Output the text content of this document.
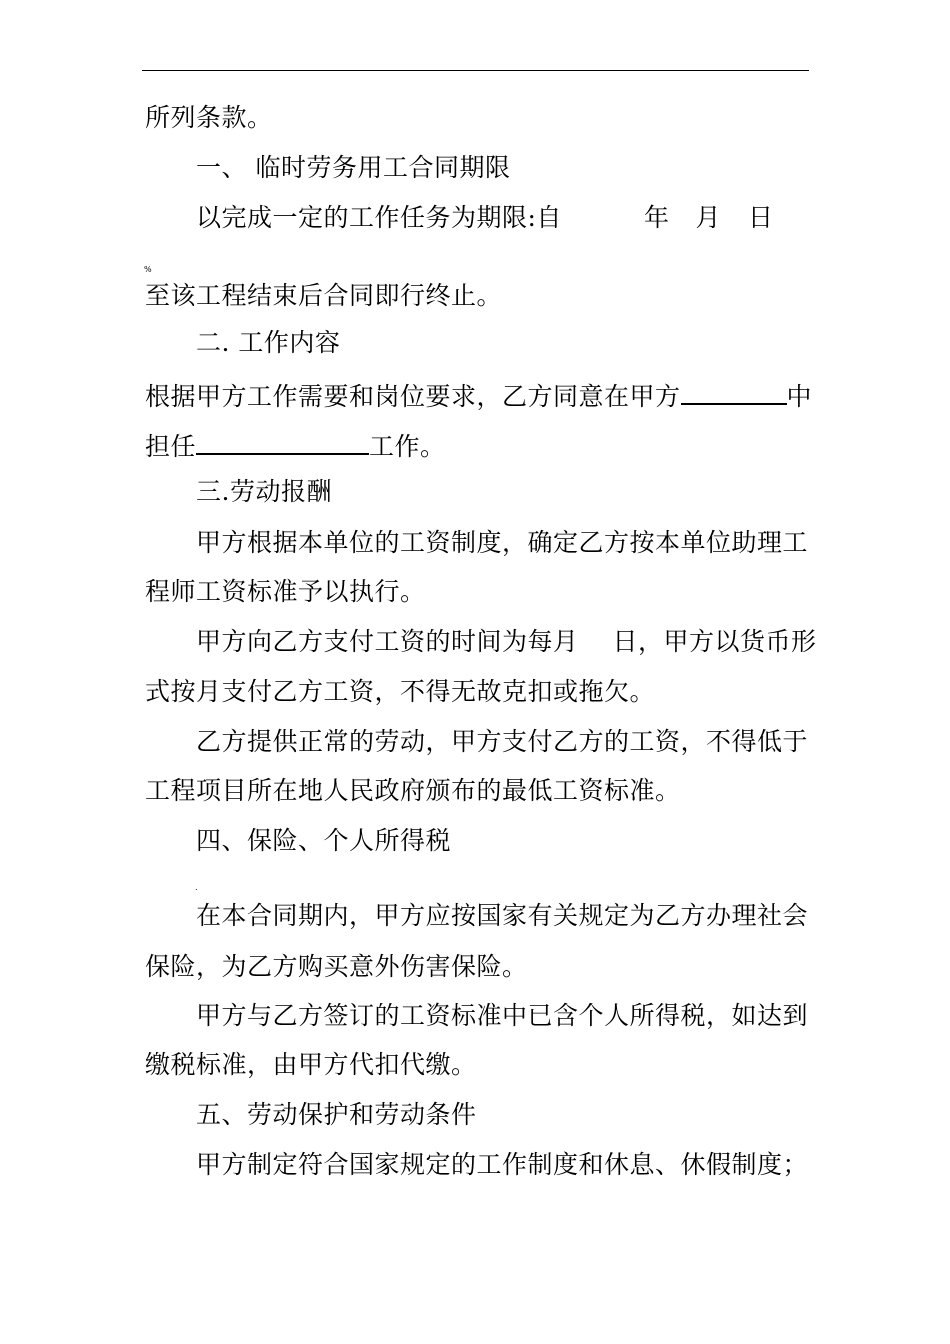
所列条款。
一、 临时劳务用工合同期限
以完成一定的工作任务为期限:自	年 月 日
%
至该工程结束后合同即行终止。
二. 工作内容
根据甲方工作需要和岗位要求，乙方同意在甲方	中
担任	工作。
三.劳动报酬
甲方根据本单位的工资制度，确定乙方按本单位助理工
程师工资标准予以执行。
甲方向乙方支付工资的时间为每月 日，甲方以货币形
式按月支付乙方工资，不得无故克扣或拖欠。
乙方提供正常的劳动，甲方支付乙方的工资，不得低于
工程项目所在地人民政府颁布的最低工资标准。
四、保险、个人所得税
.
在本合同期内，甲方应按国家有关规定为乙方办理社会
保险，为乙方购买意外伤害保险。
甲方与乙方签订的工资标准中已含个人所得税，如达到
缴税标准，由甲方代扣代缴。
五、劳动保护和劳动条件
甲方制定符合国家规定的工作制度和休息、休假制度；
